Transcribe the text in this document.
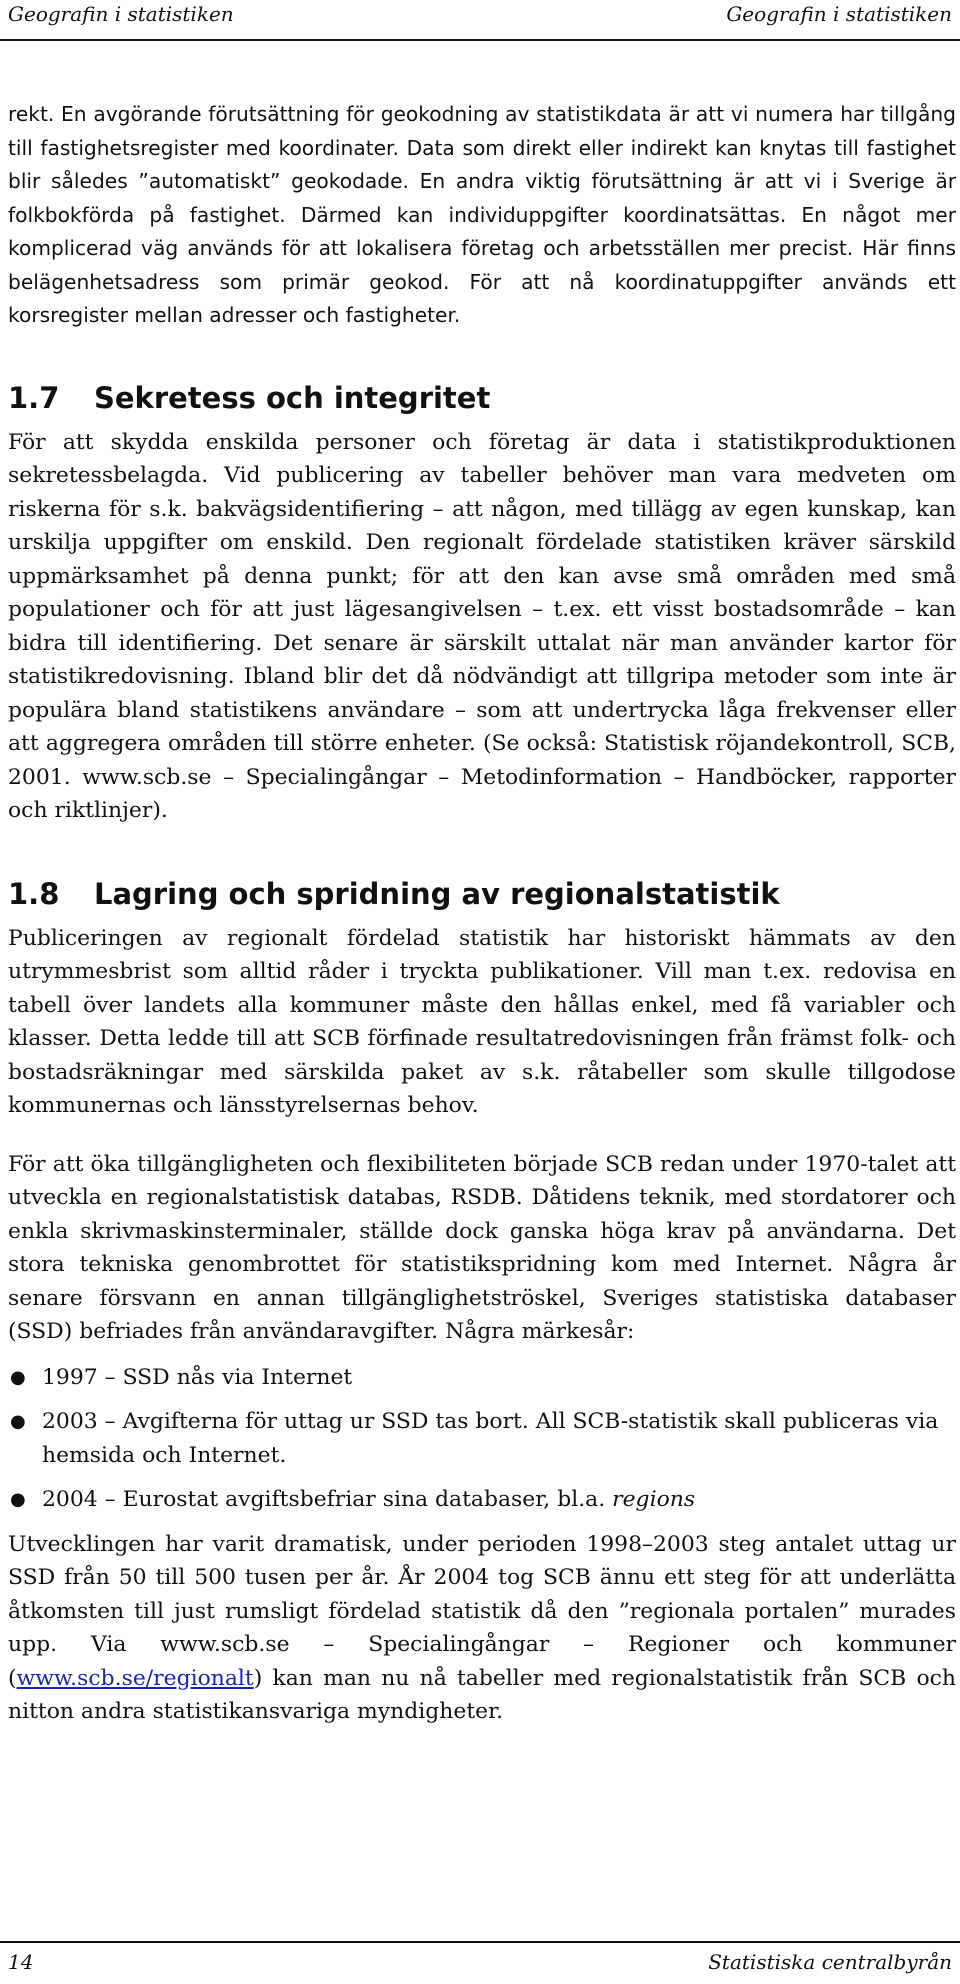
Geografin i statistiken	Geografin i statistiken

rekt. En avgörande förutsättning för geokodning av statistikdata är att vi numera har tillgång till fastighetsregister med koordinater. Data som direkt eller indirekt kan knytas till fastighet blir således ”automatiskt” geokodade. En andra viktig förutsättning är att vi i Sverige är folkbokförda på fastighet. Därmed kan individuppgifter koordinatsättas. En något mer komplicerad väg används för att lokalisera företag och arbetsställen mer precist. Här finns belägenhetsadress som primär geokod. För att nå koordinatuppgifter används ett korsregister mellan adresser och fastigheter.

1.7	Sekretess och integritet

För att skydda enskilda personer och företag är data i statistikproduktionen sekretessbelagda. Vid publicering av tabeller behöver man vara medveten om riskerna för s.k. bakvägsidentifiering – att någon, med tillägg av egen kunskap, kan urskilja uppgifter om enskild. Den regionalt fördelade statistiken kräver särskild uppmärksamhet på denna punkt; för att den kan avse små områden med små populationer och för att just lägesangivelsen – t.ex. ett visst bostadsområde – kan bidra till identifiering. Det senare är särskilt uttalat när man använder kartor för statistikredovisning. Ibland blir det då nödvändigt att tillgripa metoder som inte är populära bland statistikens användare – som att undertrycka låga frekvenser eller att aggregera områden till större enheter. (Se också: Statistisk röjandekontroll, SCB, 2001. www.scb.se – Specialingångar – Metodinformation – Handböcker, rapporter och riktlinjer).

1.8	Lagring och spridning av regionalstatistik

Publiceringen av regionalt fördelad statistik har historiskt hämmats av den utrymmesbrist som alltid råder i tryckta publikationer. Vill man t.ex. redovisa en tabell över landets alla kommuner måste den hållas enkel, med få variabler och klasser. Detta ledde till att SCB förfinade resultatredovisningen från främst folk- och bostadsräkningar med särskilda paket av s.k. råtabeller som skulle tillgodose kommunernas och länsstyrelsernas behov.

För att öka tillgängligheten och flexibiliteten började SCB redan under 1970-talet att utveckla en regionalstatistisk databas, RSDB. Dåtidens teknik, med stordatorer och enkla skrivmaskinsterminaler, ställde dock ganska höga krav på användarna. Det stora tekniska genombrottet för statistikspridning kom med Internet. Några år senare försvann en annan tillgänglighetströskel, Sveriges statistiska databaser (SSD) befriades från användaravgifter. Några märkesår:

● 1997 – SSD nås via Internet
● 2003 – Avgifterna för uttag ur SSD tas bort. All SCB-statistik skall publiceras via hemsida och Internet.
● 2004 – Eurostat avgiftsbefriar sina databaser, bl.a. regions

Utvecklingen har varit dramatisk, under perioden 1998–2003 steg antalet uttag ur SSD från 50 till 500 tusen per år. År 2004 tog SCB ännu ett steg för att underlätta åtkomsten till just rumsligt fördelad statistik då den ”regionala portalen” murades upp. Via www.scb.se – Specialingångar – Regioner och kommuner (www.scb.se/regionalt) kan man nu nå tabeller med regionalstatistik från SCB och nitton andra statistikansvariga myndigheter.

14	Statistiska centralbyrån
